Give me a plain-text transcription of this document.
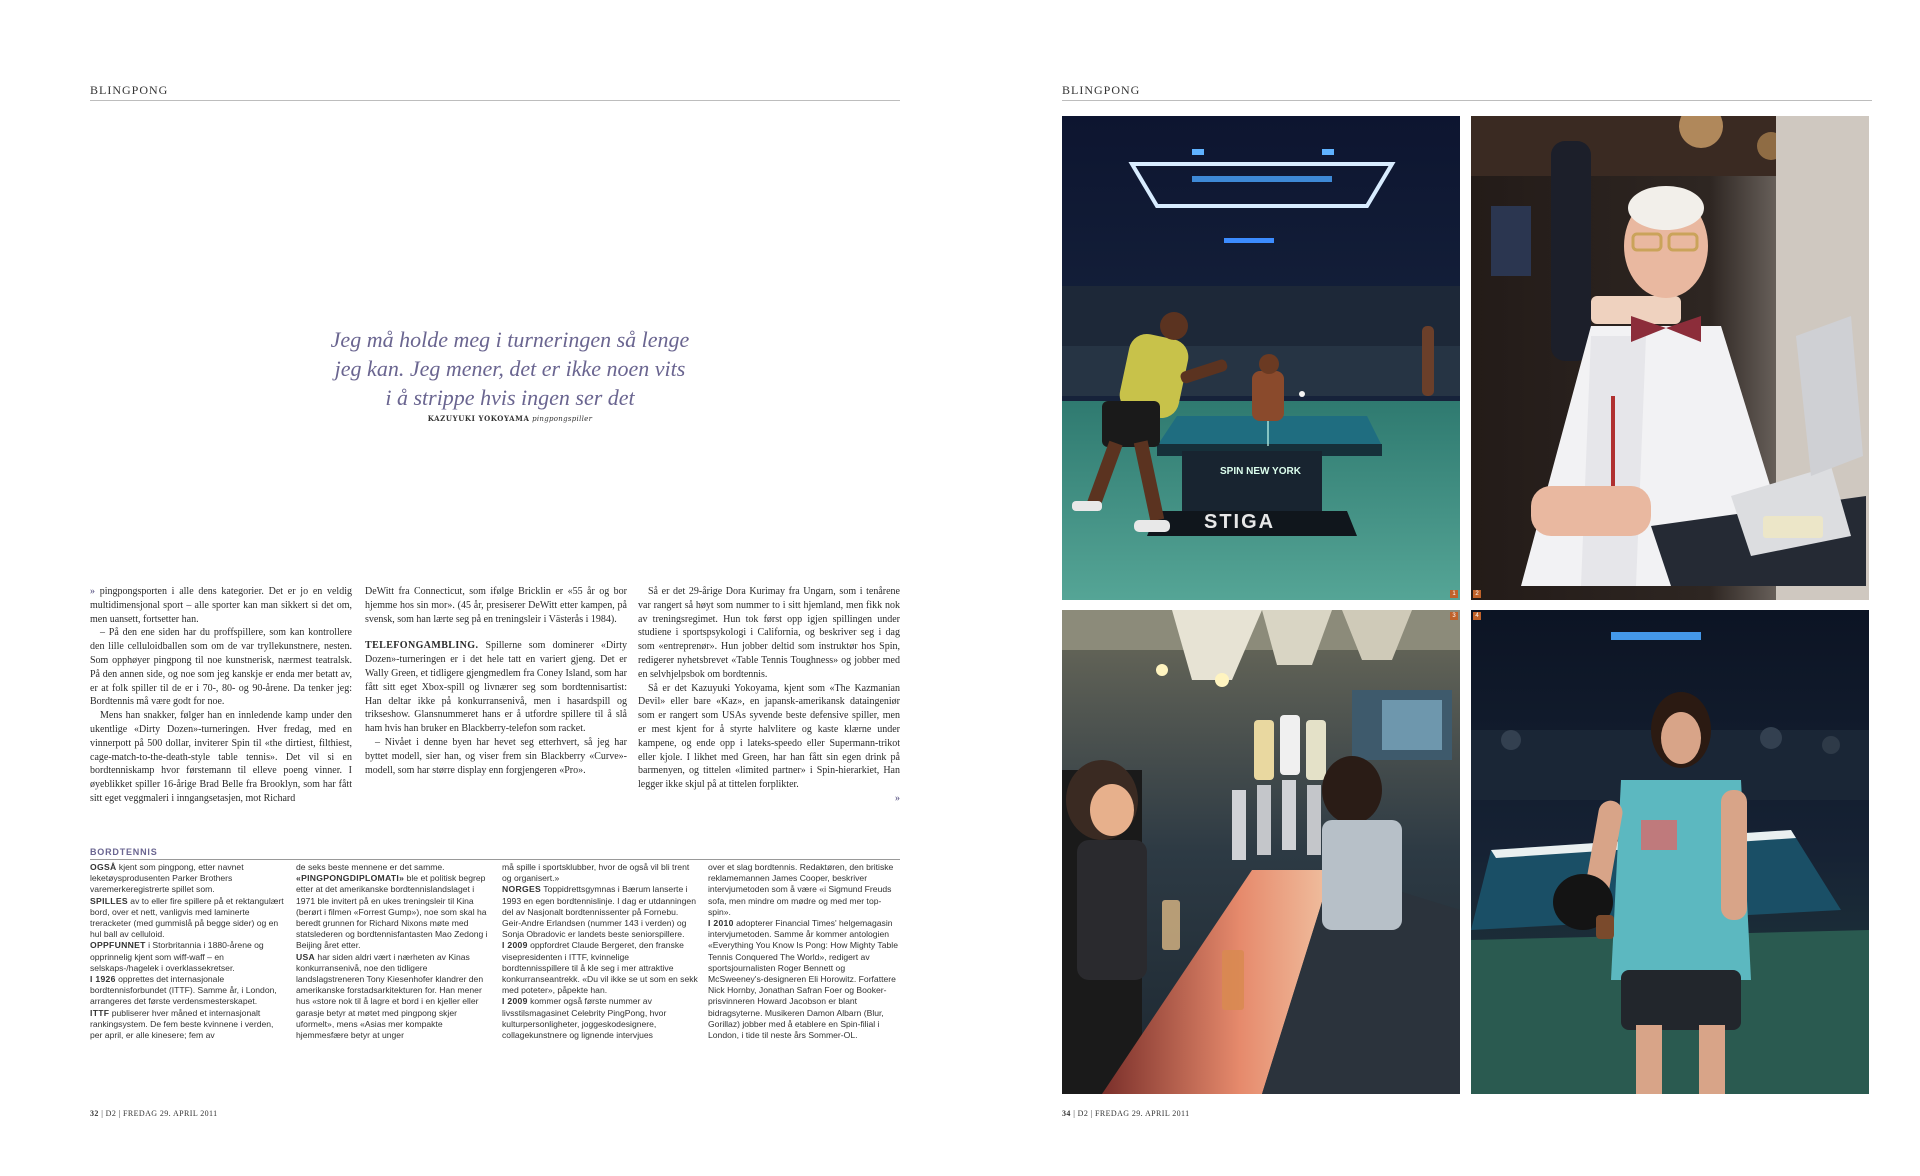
BLINGPONG
Jeg må holde meg i turneringen så lenge
jeg kan. Jeg mener, det er ikke noen vits
i å strippe hvis ingen ser det
KAZUYUKI YOKOYAMA pingpongspiller

» pingpongsporten i alle dens kategorier. Det er jo en veldig multidimensjonal sport – alle sporter kan man sikkert si det om, men uansett, fortsetter han.

– På den ene siden har du proffspillere, som kan kontrollere den lille celluloidballen som om de var tryllekunstnere, nesten. Som opphøyer pingpong til noe kunstnerisk, nærmest teatralsk. På den annen side, og noe som jeg kanskje er enda mer betatt av, er at folk spiller til de er i 70-, 80- og 90-årene. Da tenker jeg: Bordtennis må være godt for noe.

Mens han snakker, følger han en innledende kamp under den ukentlige «Dirty Dozen»-turneringen. Hver fredag, med en vinnerpott på 500 dollar, inviterer Spin til «the dirtiest, filthiest, cage-match-to-the-death-style table tennis». Det vil si en bordtenniskamp hvor førstemann til elleve poeng vinner. I øyeblikket spiller 16-årige Brad Belle fra Brooklyn, som har fått sitt eget veggmaleri i inngangsetasjen, mot Richard

DeWitt fra Connecticut, som ifølge Bricklin er «55 år og bor hjemme hos sin mor». (45 år, presiserer DeWitt etter kampen, på svensk, som han lærte seg på en treningsleir i Västerås i 1984).

TELEFONGAMBLING. Spillerne som dominerer «Dirty Dozen»-turneringen er i det hele tatt en variert gjeng. Det er Wally Green, et tidligere gjengmedlem fra Coney Island, som har fått sitt eget Xbox-spill og livnærer seg som bordtennisartist: Han deltar ikke på konkurransenivå, men i hasardspill og trikseshow. Glansnummeret hans er å utfordre spillere til å slå ham hvis han bruker en Blackberry-telefon som racket.

– Nivået i denne byen har hevet seg etterhvert, så jeg har byttet modell, sier han, og viser frem sin Blackberry «Curve»-modell, som har større display enn forgjengeren «Pro».

Så er det 29-årige Dora Kurimay fra Ungarn, som i tenårene var rangert så høyt som nummer to i sitt hjemland, men fikk nok av treningsregimet. Hun tok først opp igjen spillingen under studiene i sportspsykologi i California, og beskriver seg i dag som «entreprenør». Hun jobber deltid som instruktør hos Spin, redigerer nyhetsbrevet «Table Tennis Toughness» og jobber med en selvhjelpsbok om bordtennis.

Så er det Kazuyuki Yokoyama, kjent som «The Kazmanian Devil» eller bare «Kaz», en japansk-amerikansk dataingeniør som er rangert som USAs syvende beste defensive spiller, men er mest kjent for å styrte halvlitere og kaste klærne under kampene, og ende opp i lateks-speedo eller Supermann-trikot eller kjole. I likhet med Green, har han fått sin egen drink på barmenyen, og tittelen «limited partner» i Spin-hierarkiet, Han legger ikke skjul på at tittelen forplikter.

»
BORDTENNIS

OGSÅ kjent som pingpong, etter navnet leketøysprodusenten Parker Brothers varemerkeregistrerte spillet som.

SPILLES av to eller fire spillere på et rektangulært bord, over et nett, vanligvis med laminerte treracketer (med gummislå på begge sider) og en hul ball av celluloid.

OPPFUNNET i Storbritannia i 1880-årene og opprinnelig kjent som wiff-waff – en selskaps-/hagelek i overklassekretser.

I 1926 opprettes det internasjonale bordtennisforbundet (ITTF). Samme år, i London, arrangeres det første verdensmesterskapet.

ITTF publiserer hver måned et internasjonalt rankingsystem. De fem beste kvinnene i verden, per april, er alle kinesere; fem av

de seks beste mennene er det samme.

«PINGPONGDIPLOMATI» ble et politisk begrep etter at det amerikanske bordtennislandslaget i 1971 ble invitert på en ukes treningsleir til Kina (berørt i filmen «Forrest Gump»), noe som skal ha beredt grunnen for Richard Nixons møte med statslederen og bordtennisfantasten Mao Zedong i Beijing året etter.

USA har siden aldri vært i nærheten av Kinas konkurransenivå, noe den tidligere landslagstreneren Tony Kiesenhofer klandrer den amerikanske forstadsarkitekturen for. Han mener hus «store nok til å lagre et bord i en kjeller eller garasje betyr at møtet med pingpong skjer uformelt», mens «Asias mer kompakte hjemmesfære betyr at unger

må spille i sportsklubber, hvor de også vil bli trent og organisert.»

NORGES Toppidrettsgymnas i Bærum lanserte i 1993 en egen bordtennislinje. I dag er utdanningen del av Nasjonalt bordtennissenter på Fornebu. Geir-Andre Erlandsen (nummer 143 i verden) og Sonja Obradovic er landets beste seniorspillere.

I 2009 oppfordret Claude Bergeret, den franske visepresidenten i ITTF, kvinnelige bordtennisspillere til å kle seg i mer attraktive konkurranseantrekk. «Du vil ikke se ut som en sekk med poteter», påpekte han.

I 2009 kommer også første nummer av livsstilsmagasinet Celebrity PingPong, hvor kulturpersonligheter, joggeskodesignere, collagekunstnere og lignende intervjues

over et slag bordtennis. Redaktøren, den britiske reklamemannen James Cooper, beskriver intervjumetoden som å være «i Sigmund Freuds sofa, men mindre om mødre og med mer top-spin».

I 2010 adopterer Financial Times' helgemagasin intervjumetoden. Samme år kommer antologien «Everything You Know Is Pong: How Mighty Table Tennis Conquered The World», redigert av sportsjournalisten Roger Bennett og McSweeney's-designeren Eli Horowitz. Forfattere Nick Hornby, Jonathan Safran Foer og Booker-prisvinneren Howard Jacobson er blant bidragsyterne. Musikeren Damon Albarn (Blur, Gorillaz) jobber med å etablere en Spin-filial i London, i tide til neste års Sommer-OL.

32 | D2 | FREDAG 29. APRIL 2011
BLINGPONG
SPIN NEW YORK
STIGA
1	2
3	4
34 | D2 | FREDAG 29. APRIL 2011
